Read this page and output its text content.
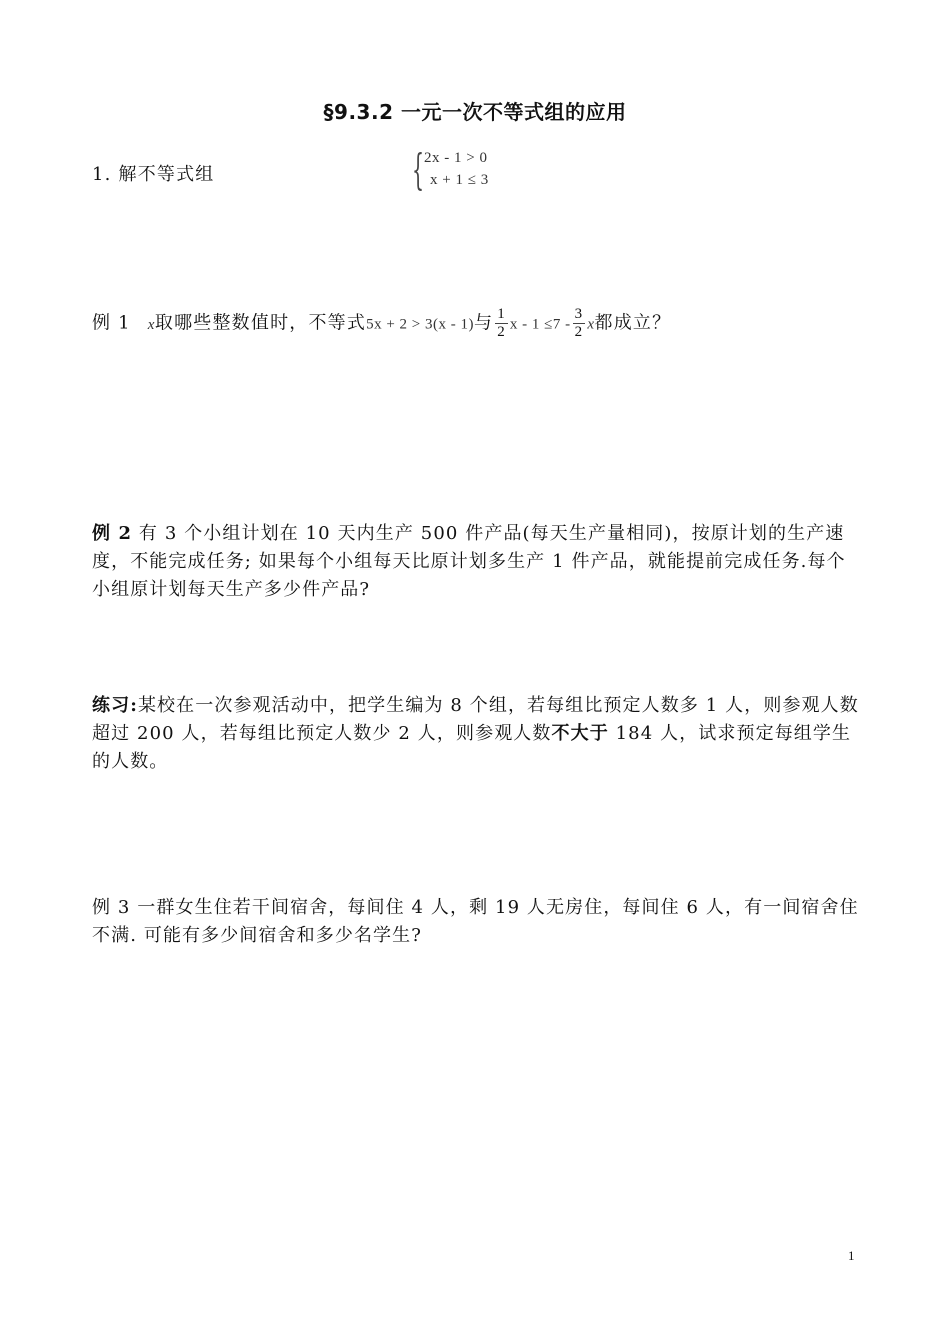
§9.3.2 一元一次不等式组的应用
1. 解不等式组	{ 2x - 1 > 0
x + 1 ≤ 3
例 1 x取哪些整数值时，不等式5x + 2 > 3(x - 1)与 $\frac{1}{2}$ $x - 1 \le 7 - \frac{3}{2}$ x都成立？
例 2 有 3 个小组计划在 10 天内生产 500 件产品(每天生产量相同)，按原计划的生产速度，不能完成任务; 如果每个小组每天比原计划多生产 1 件产品，就能提前完成任务.每个小组原计划每天生产多少件产品?
练习:某校在一次参观活动中，把学生编为 8 个组，若每组比预定人数多 1 人，则参观人数超过 200 人，若每组比预定人数少 2 人，则参观人数不大于 184 人，试求预定每组学生的人数。
例 3 一群女生住若干间宿舍，每间住 4 人，剩 19 人无房住，每间住 6 人，有一间宿舍住不满. 可能有多少间宿舍和多少名学生?
1
